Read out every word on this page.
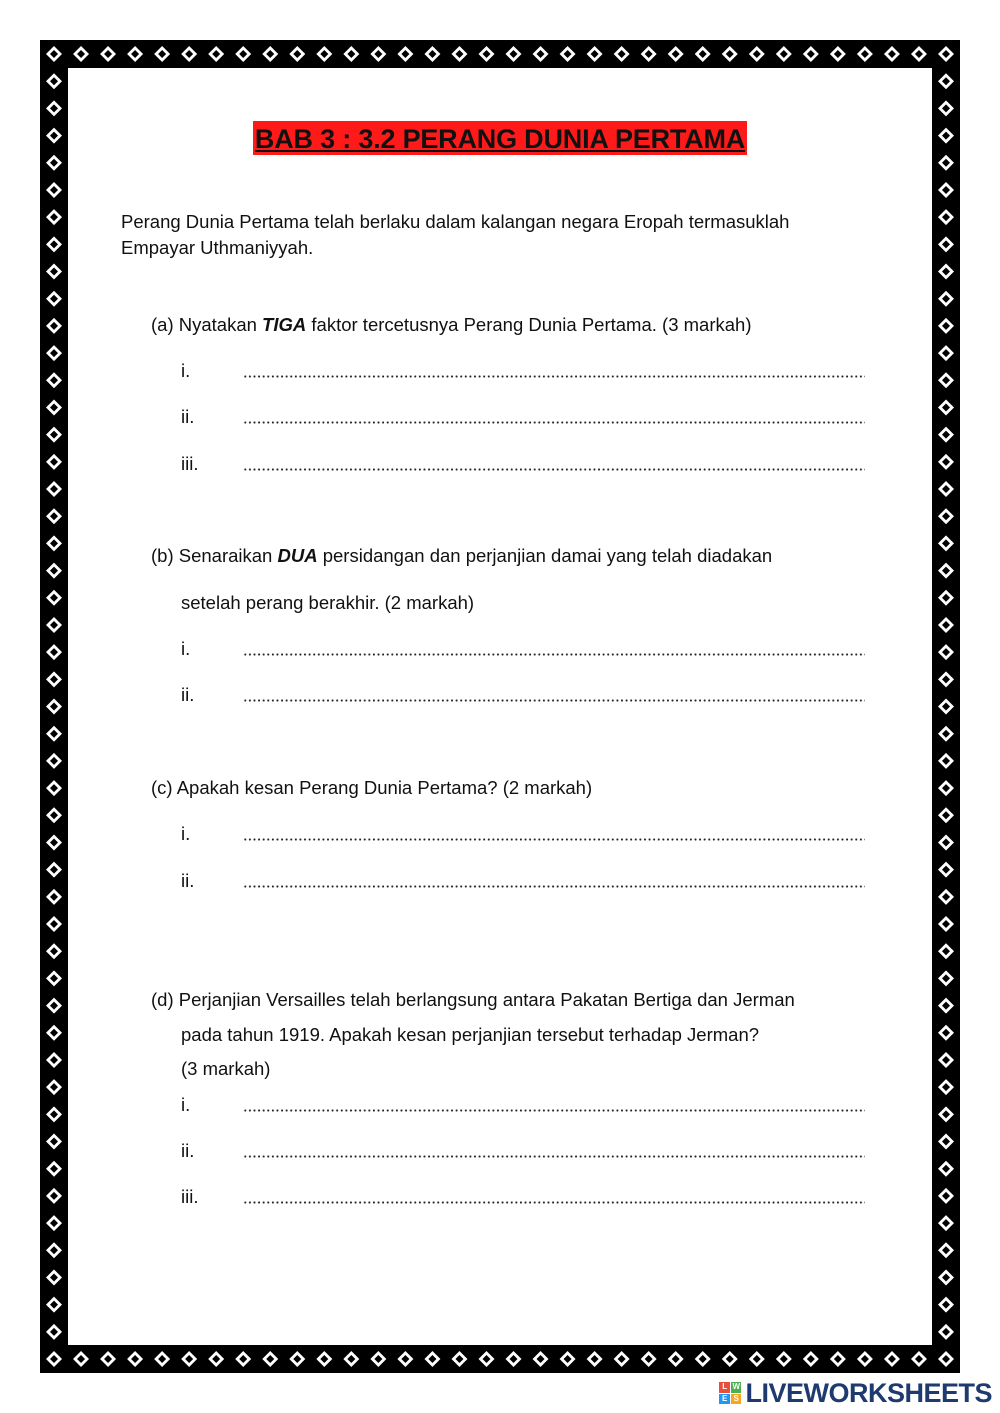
BAB 3 : 3.2 PERANG DUNIA PERTAMA
Perang Dunia Pertama telah berlaku dalam kalangan negara Eropah termasuklah
Empayar Uthmaniyyah.
(a) Nyatakan TIGA faktor tercetusnya Perang Dunia Pertama. (3 markah)
i.
ii.
iii.
(b) Senaraikan DUA persidangan dan perjanjian damai yang telah diadakan
setelah perang berakhir. (2 markah)
i.
ii.
(c) Apakah kesan Perang Dunia Pertama? (2 markah)
i.
ii.
(d) Perjanjian Versailles telah berlangsung antara Pakatan Bertiga dan Jerman
pada tahun 1919. Apakah kesan perjanjian tersebut terhadap Jerman?
(3 markah)
i.
ii.
iii.
L W
E S LIVEWORKSHEETS
